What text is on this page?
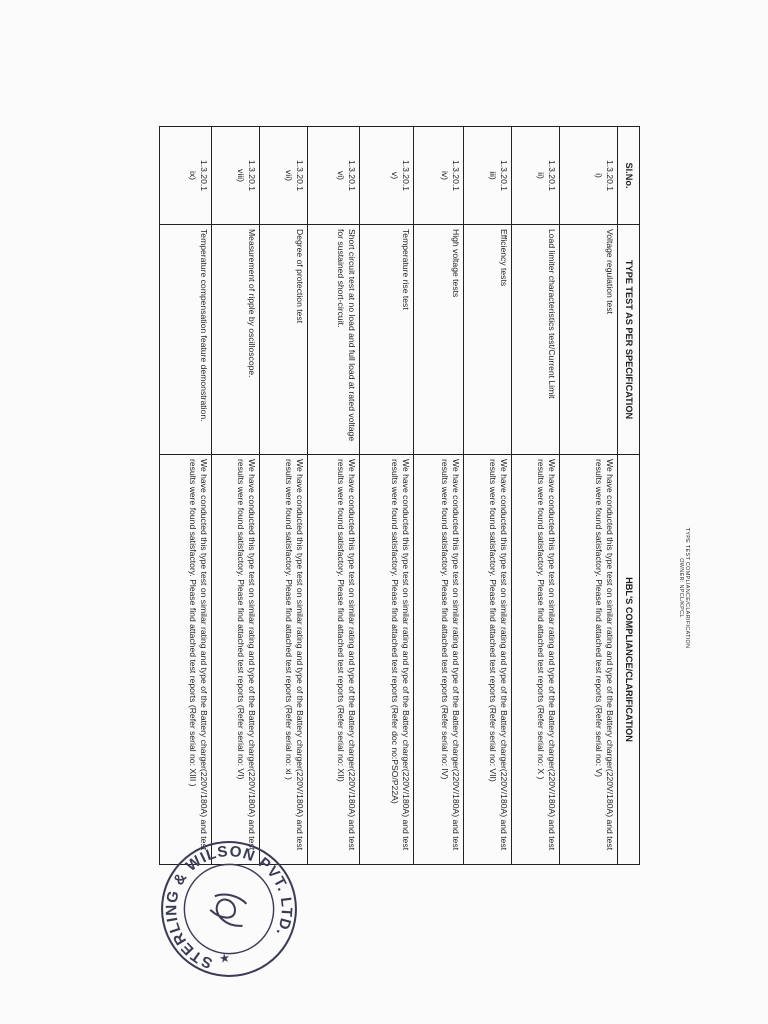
TYPE TEST COMPLIANCE/CLARIFICATION
OWNER: NPCL/KPCL
Sl.No.	TYPE TEST AS PER SPECIFICATION	HBL'S COMPLIANCE/CLARIFICATION

1.3.20.1
i)	Voltage regulation test	We have conducted this type test on similar rating and type of the Battery charger(220V/180A) and test results were found satisfactory. Please find attached test reports (Refer serial no: V)

1.3.20.1
ii)	Load limiter characteristics test/Current Limit	We have conducted this type test on similar rating and type of the Battery charger(220V/180A) and test results were found satisfactory. Please find attached test reports (Refer serial no: X )

1.3.20.1
iii)	Efficiency tests	We have conducted this type test on similar rating and type of the Battery charger(220V/180A) and test results were found satisfactory. Please find attached test reports (Refer serial no: VII)

1.3.20.1
iv)	High voltage tests	We have conducted this type test on similar rating and type of the Battery charger(220V/180A) and test results were found satisfactory. Please find attached test reports (Refer serial no: IV)

1.3.20.1
v)	Temperature rise test	We have conducted this type test on similar rating and type of the Battery charger(220V/180A) and test results were found satisfactory. Please find attached test reports (Refer doc no:PSO/P22A)

1.3.20.1
vi)	Short circuit test at no load and full load at rated voltage for sustained short-circuit.	We have conducted this type test on similar rating and type of the Battery charger(220V/180A) and test results were found satisfactory. Please find attached test reports (Refer serial no: XII)

1.3.20.1
vii)	Degree of protection test	We have conducted this type test on similar rating and type of the Battery charger(220V/180A) and test results were found satisfactory. Please find attached test reports (Refer serial no: xi )

1.3.20.1
viii)	Measurement of ripple by oscilloscope.	We have conducted this type test on similar rating and type of the Battery charger(220V/180A) and test results were found satisfactory. Please find attached test reports (Refer serial no: VI)

1.3.20.1
ix)	Temperature compensation feature demonstration.	We have conducted this type test on similar rating and type of the Battery charger(220V/180A) and test results were found satisfactory. Please find attached test reports (Refer serial no: XIII )
STERLING & WILSON PVT. LTD.
★
